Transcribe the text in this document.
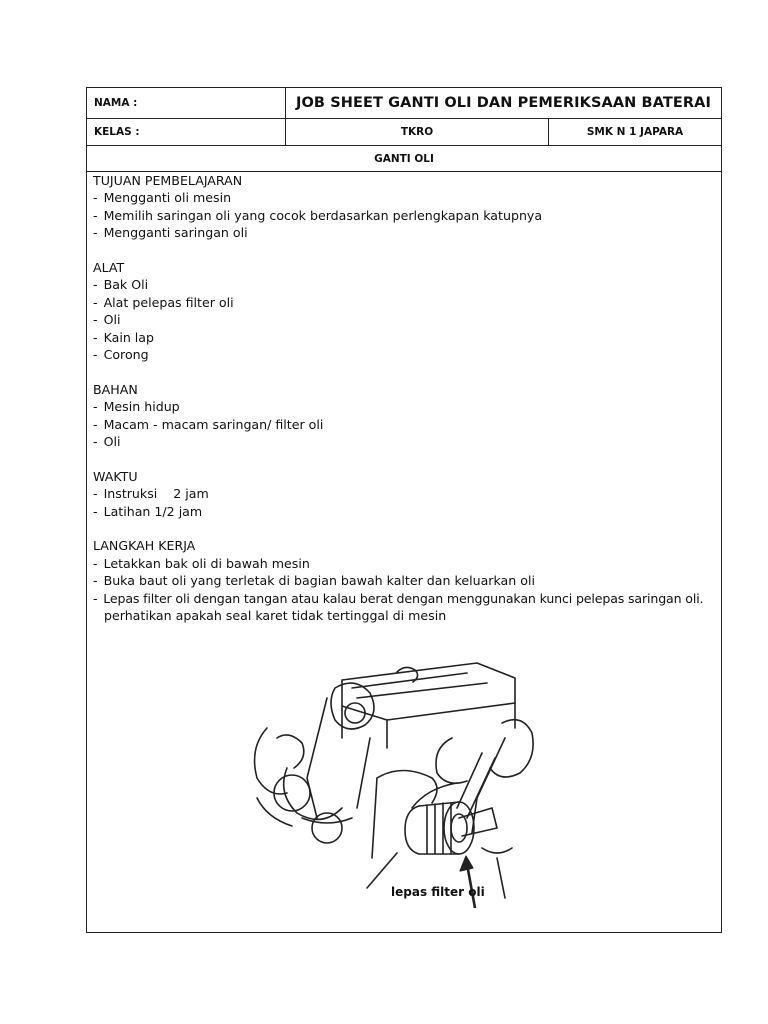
NAMA :	JOB SHEET GANTI OLI DAN PEMERIKSAAN BATERAI
KELAS :	TKRO	SMK N 1 JAPARA
GANTI OLI
TUJUAN PEMBELAJARAN
- Mengganti oli mesin
- Memilih saringan oli yang cocok berdasarkan perlengkapan katupnya
- Mengganti saringan oli
ALAT
- Bak Oli
- Alat pelepas filter oli
- Oli
- Kain lap
- Corong
BAHAN
- Mesin hidup
- Macam - macam saringan/ filter oli
- Oli
WAKTU
- Instruksi    2 jam
- Latihan 1/2 jam
LANGKAH KERJA
- Letakkan bak oli di bawah mesin
- Buka baut oli yang terletak di bagian bawah kalter dan keluarkan oli
- Lepas filter oli dengan tangan atau kalau berat dengan menggunakan kunci pelepas saringan oli.
perhatikan apakah seal karet tidak tertinggal di mesin
lepas filter oli
